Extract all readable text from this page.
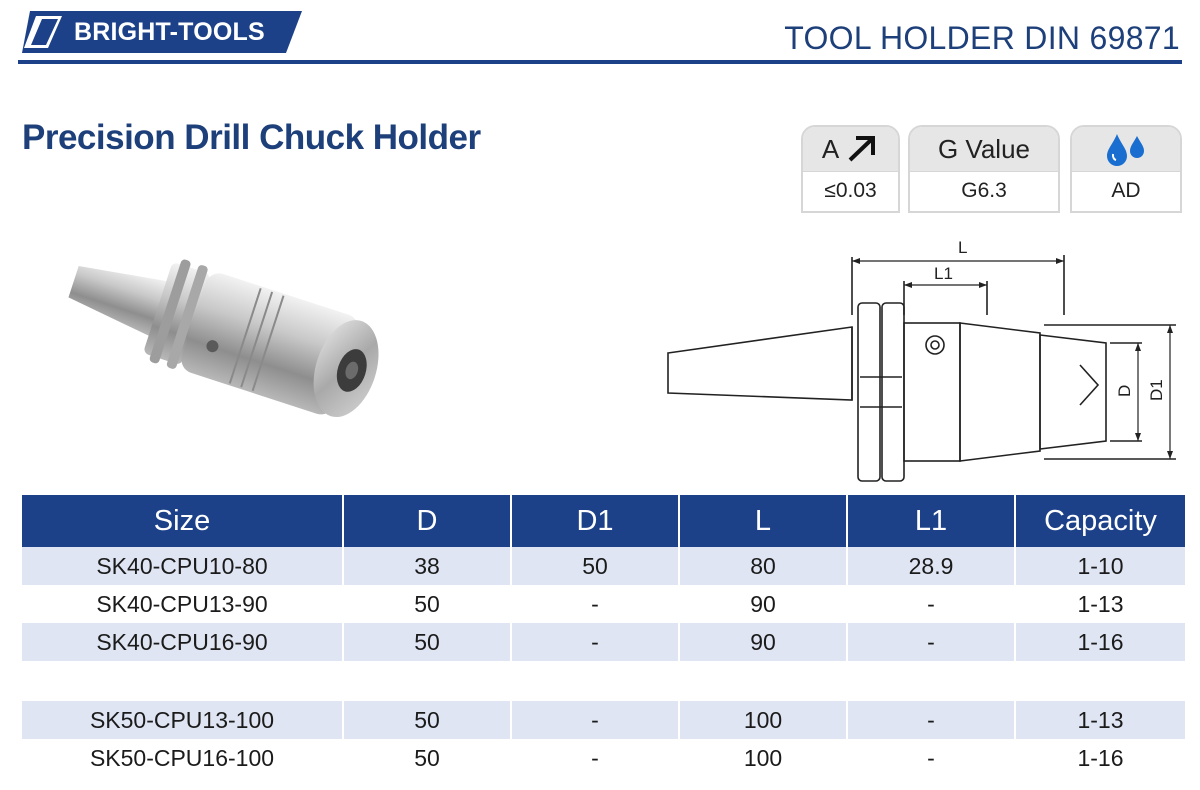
BRIGHT-TOOLS	TOOL HOLDER DIN 69871
Precision Drill Chuck Holder	A
≤0.03
G Value
G6.3	AD
L
L1
D D1
Size	D	D1	L	L1	Capacity
SK40-CPU10-80	38	50	80	28.9	1-10
SK40-CPU13-90	50	-	90	-	1-13
SK40-CPU16-90	50	-	90	-	1-16

SK50-CPU13-100	50	-	100	-	1-13
SK50-CPU16-100	50	-	100	-	1-16
